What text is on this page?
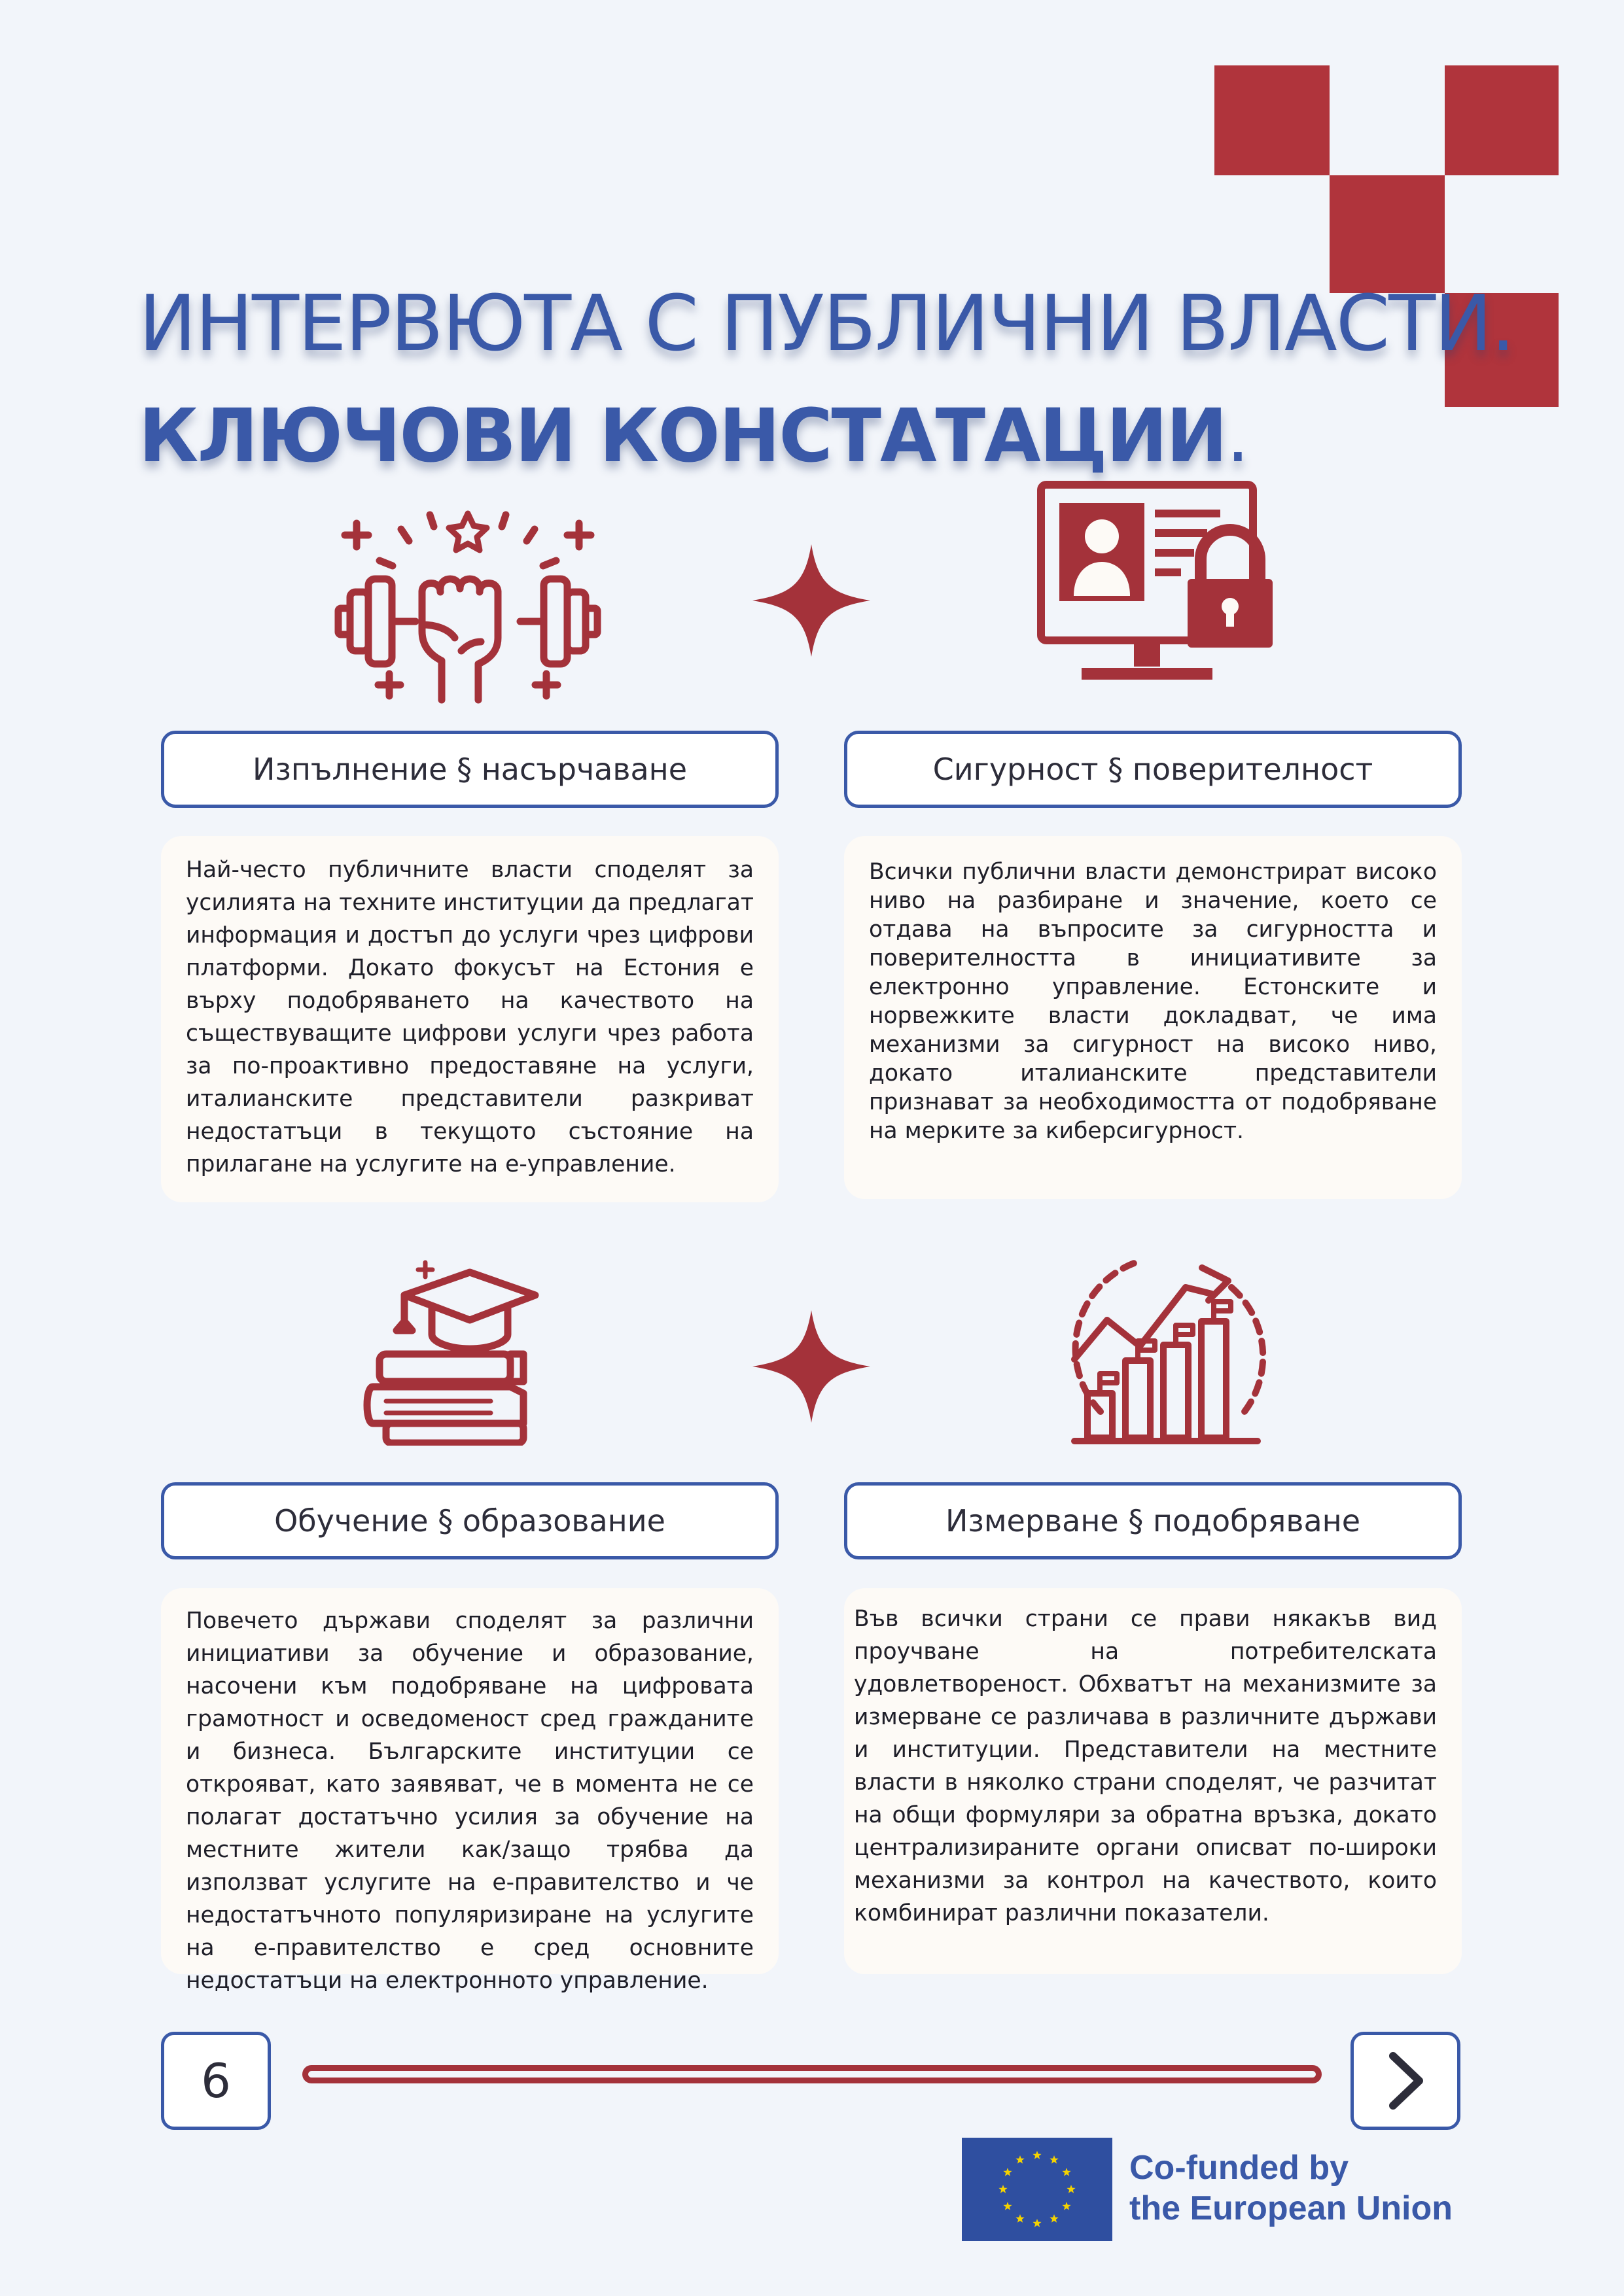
ИНТЕРВЮТА С ПУБЛИЧНИ ВЛАСТИ.
КЛЮЧОВИ КОНСТАТАЦИИ.
Изпълнение § насърчаване	Сигурност § поверителност

Най-често публичните власти споделят за усилията на техните институции да предлагат информация и достъп до услуги чрез цифрови платформи. Докато фокусът на Естония е върху подобряването на качеството на съществуващите цифрови услуги чрез работа за по-проактивно предоставяне на услуги, италианските представители разкриват недостатъци в текущото състояние на прилагане на услугите на е-управление.

Всички публични власти демонстрират високо ниво на разбиране и значение, което се отдава на въпросите за сигурността и поверителността в инициативите за електронно управление. Естонските и норвежките власти докладват, че има механизми за сигурност на високо ниво, докато италианските представители признават за необходимостта от подобряване на мерките за киберсигурност.

Обучение § образование	Измерване § подобряване

Повечето държави споделят за различни инициативи за обучение и образование, насочени към подобряване на цифровата грамотност и осведоменост сред гражданите и бизнеса. Българските институции се открояват, като заявяват, че в момента не се полагат достатъчно усилия за обучение на местните жители как/защо трябва да използват услугите на е-правителство и че недостатъчното популяризиране на услугите на е-правителство е сред основните недостатъци на електронното управление.

Във всички страни се прави някакъв вид проучване на потребителската удовлетвореност. Обхватът на механизмите за измерване се различава в различните държави и институции. Представители на местните власти в няколко страни споделят, че разчитат на общи формуляри за обратна връзка, докато централизираните органи описват по-широки механизми за контрол на качеството, които комбинират различни показатели.

6
Co-funded by
the European Union
